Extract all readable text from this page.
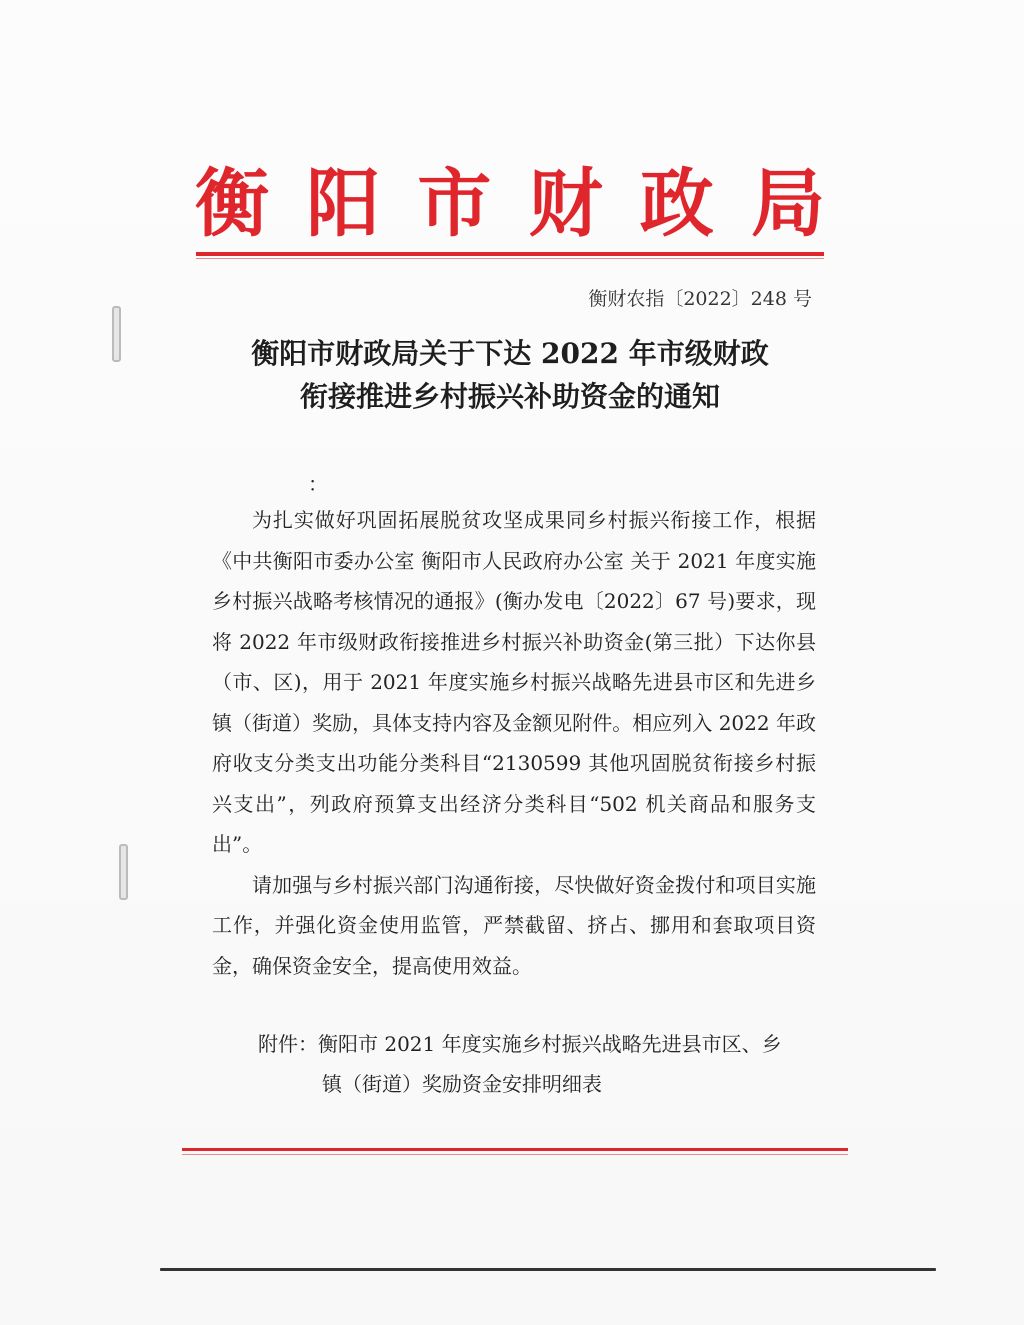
衡 阳 市 财 政 局
衡财农指〔2022〕248 号
衡阳市财政局关于下达 2022 年市级财政
衔接推进乡村振兴补助资金的通知
：

为扎实做好巩固拓展脱贫攻坚成果同乡村振兴衔接工作，根据《中共衡阳市委办公室 衡阳市人民政府办公室 关于 2021 年度实施乡村振兴战略考核情况的通报》(衡办发电〔2022〕67 号)要求，现将 2022 年市级财政衔接推进乡村振兴补助资金(第三批）下达你县（市、区)，用于 2021 年度实施乡村振兴战略先进县市区和先进乡镇（街道）奖励，具体支持内容及金额见附件。相应列入 2022 年政府收支分类支出功能分类科目“2130599 其他巩固脱贫衔接乡村振兴支出”，列政府预算支出经济分类科目“502 机关商品和服务支出”。

请加强与乡村振兴部门沟通衔接，尽快做好资金拨付和项目实施工作，并强化资金使用监管，严禁截留、挤占、挪用和套取项目资金，确保资金安全，提高使用效益。

附件：衡阳市 2021 年度实施乡村振兴战略先进县市区、乡
镇（街道）奖励资金安排明细表
